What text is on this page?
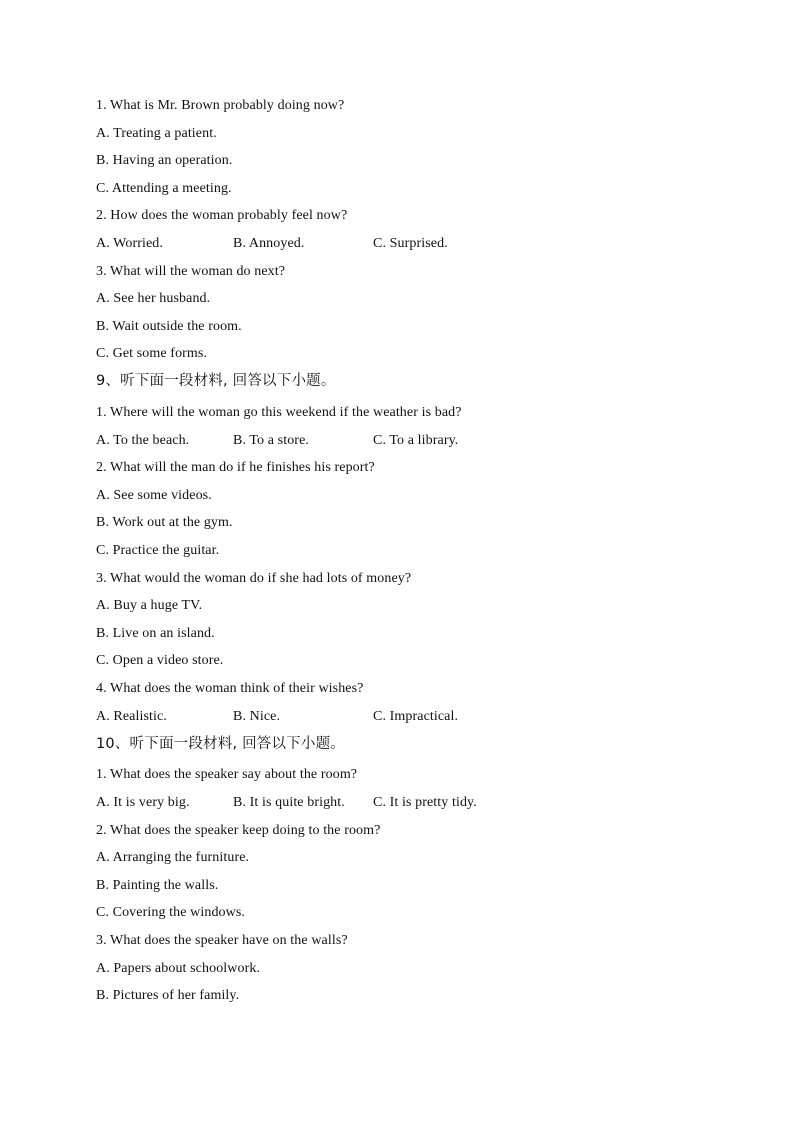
1. What is Mr. Brown probably doing now?
A. Treating a patient.
B. Having an operation.
C. Attending a meeting.
2. How does the woman probably feel now?
A. Worried.	B. Annoyed.	C. Surprised.
3. What will the woman do next?
A. See her husband.
B. Wait outside the room.
C. Get some forms.
9、听下面一段材料, 回答以下小题。
1. Where will the woman go this weekend if the weather is bad?
A. To the beach.	B. To a store.	C. To a library.
2. What will the man do if he finishes his report?
A. See some videos.
B. Work out at the gym.
C. Practice the guitar.
3. What would the woman do if she had lots of money?
A. Buy a huge TV.
B. Live on an island.
C. Open a video store.
4. What does the woman think of their wishes?
A. Realistic.	B. Nice.	C. Impractical.
10、听下面一段材料, 回答以下小题。
1. What does the speaker say about the room?
A. It is very big.	B. It is quite bright. C. It is pretty tidy.
2. What does the speaker keep doing to the room?
A. Arranging the furniture.
B. Painting the walls.
C. Covering the windows.
3. What does the speaker have on the walls?
A. Papers about schoolwork.
B. Pictures of her family.
